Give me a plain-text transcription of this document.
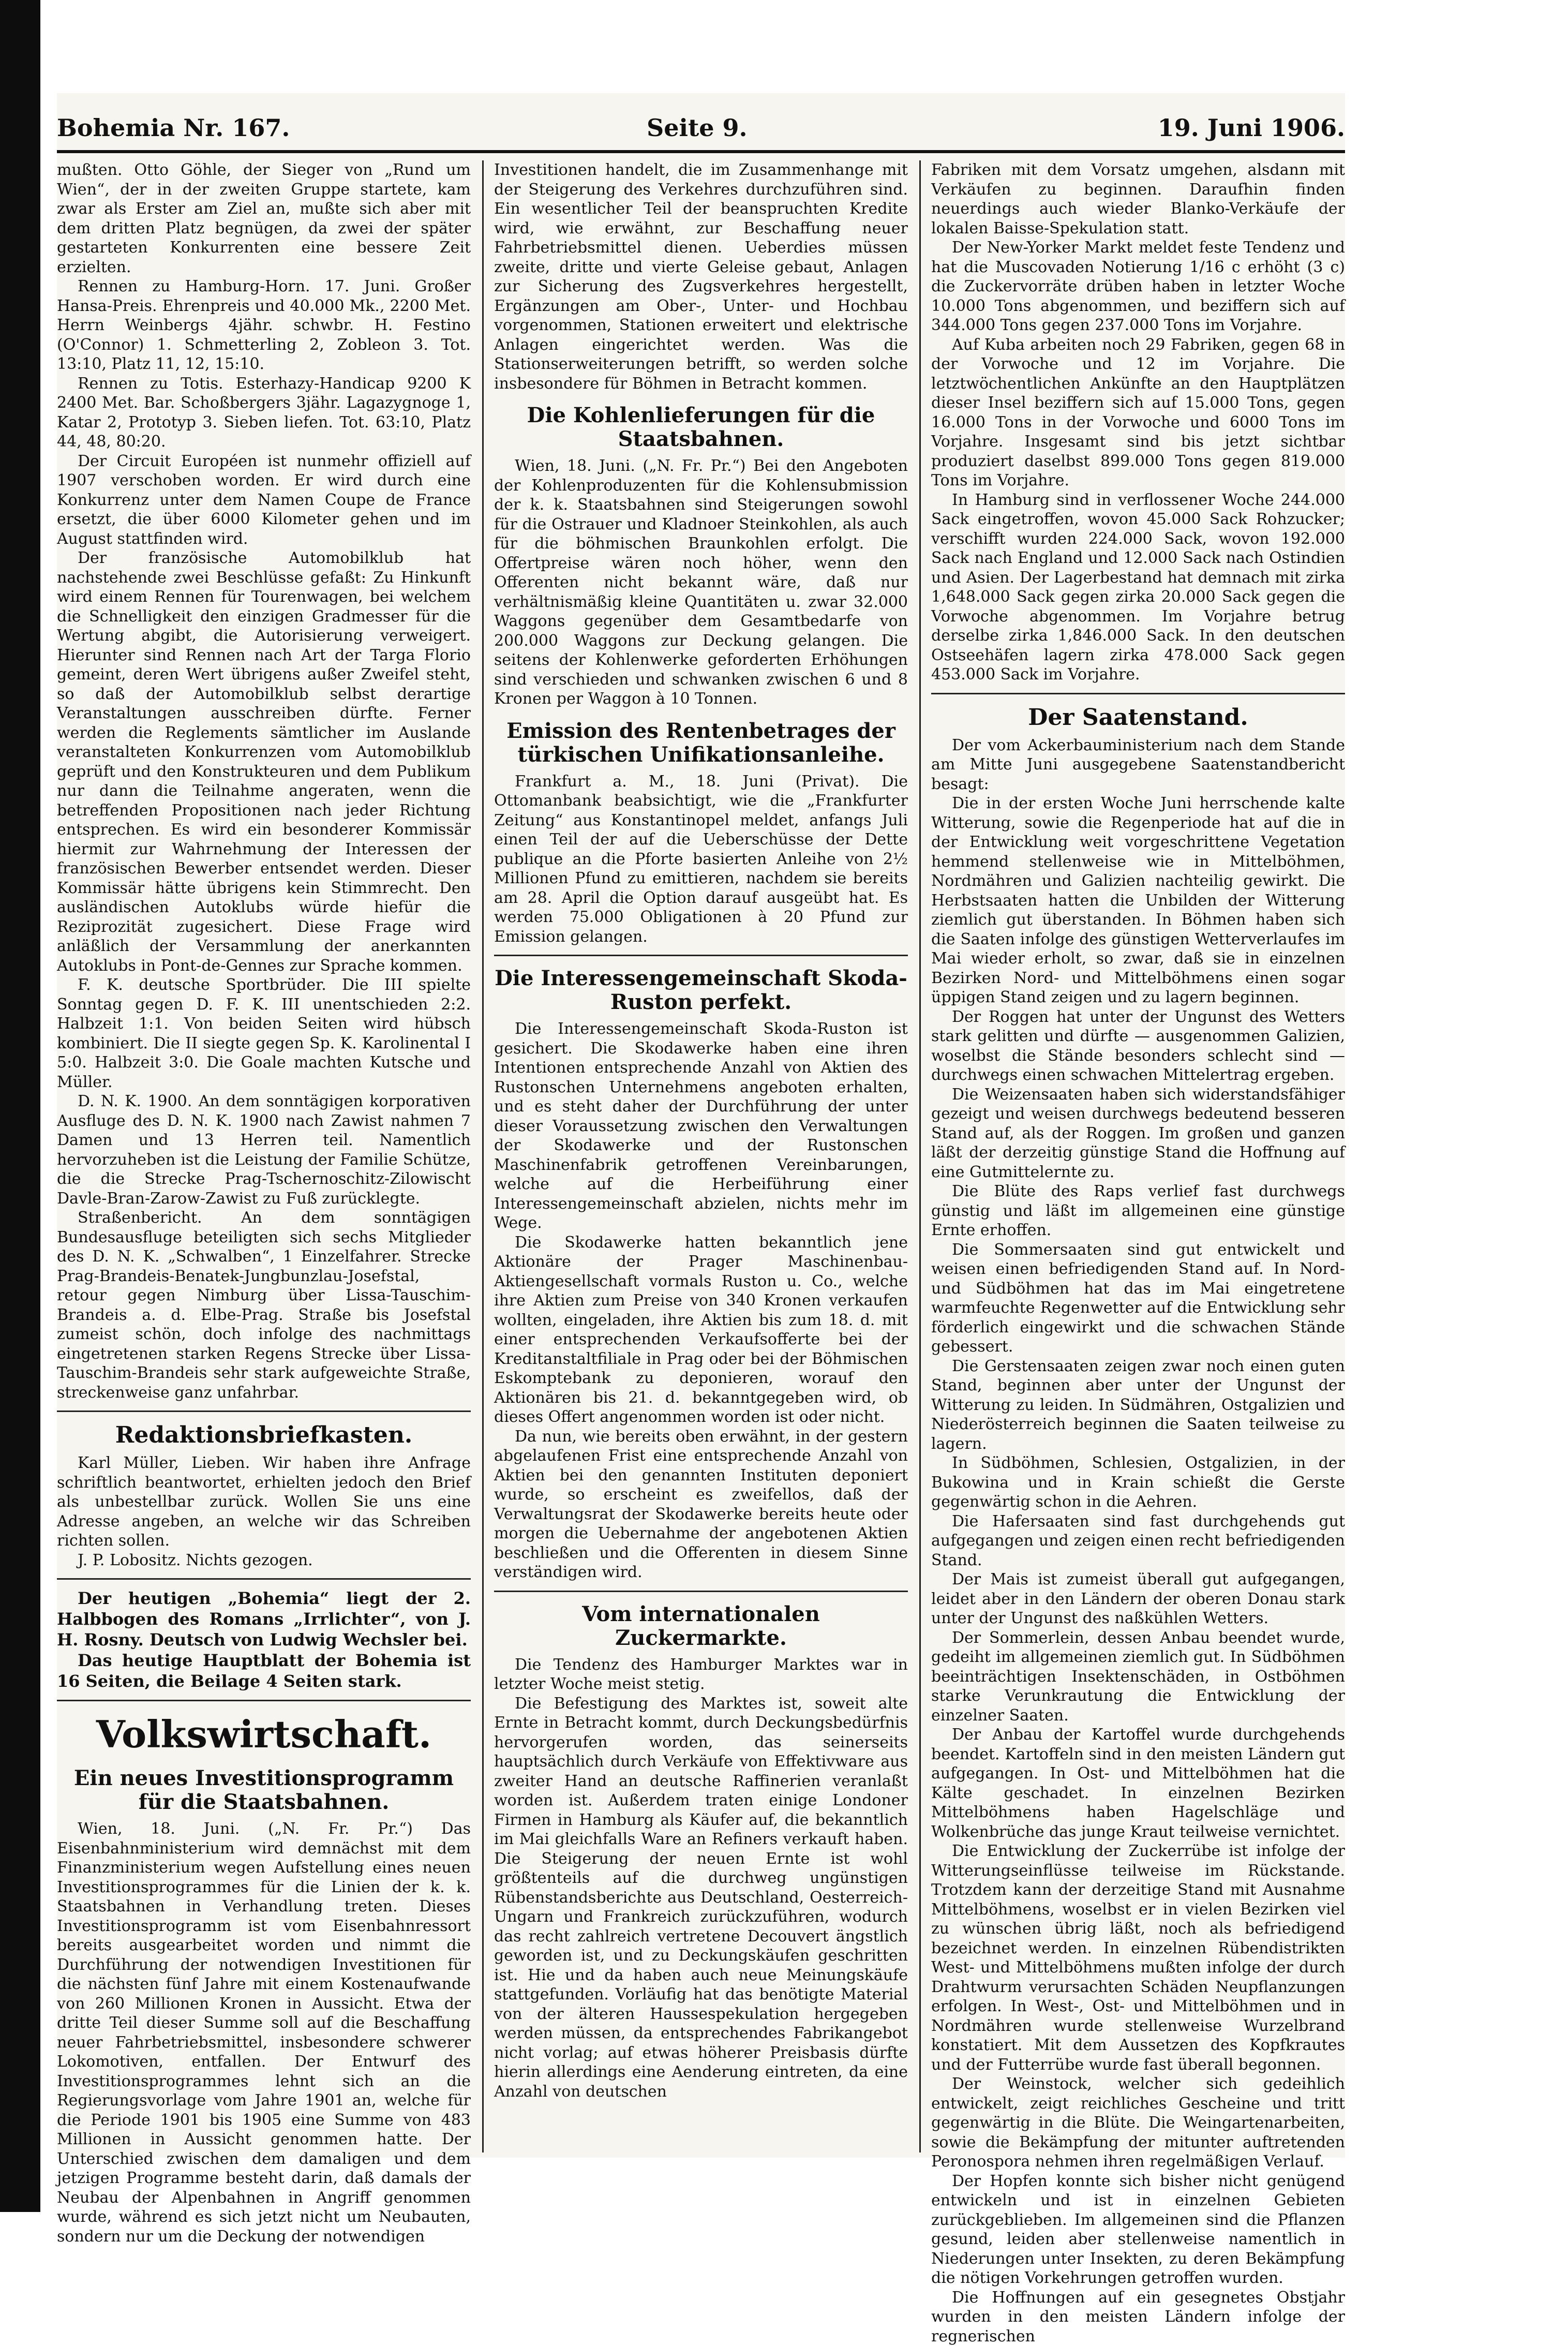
Bohemia Nr. 167.	Seite 9.	19. Juni 1906.

mußten. Otto Göhle, der Sieger von „Rund um Wien“, der in der zweiten Gruppe startete, kam zwar als Erster am Ziel an, mußte sich aber mit dem dritten Platz begnügen, da zwei der später gestarteten Konkurrenten eine bessere Zeit erzielten.

Rennen zu Hamburg-Horn. 17. Juni. Großer Hansa-Preis. Ehrenpreis und 40.000 Mk., 2200 Met. Herrn Weinbergs 4jähr. schwbr. H. Festino (O'Connor) 1. Schmetterling 2, Zobleon 3. Tot. 13:10, Platz 11, 12, 15:10.

Rennen zu Totis. Esterhazy-Handicap 9200 K 2400 Met. Bar. Schoßbergers 3jähr. Lagazygnoge 1, Katar 2, Prototyp 3. Sieben liefen. Tot. 63:10, Platz 44, 48, 80:20.

Der Circuit Européen ist nunmehr offiziell auf 1907 verschoben worden. Er wird durch eine Konkurrenz unter dem Namen Coupe de France ersetzt, die über 6000 Kilometer gehen und im August stattfinden wird.

Der französische Automobilklub hat nachstehende zwei Beschlüsse gefaßt: Zu Hinkunft wird einem Rennen für Tourenwagen, bei welchem die Schnelligkeit den einzigen Gradmesser für die Wertung abgibt, die Autorisierung verweigert. Hierunter sind Rennen nach Art der Targa Florio gemeint, deren Wert übrigens außer Zweifel steht, so daß der Automobilklub selbst derartige Veranstaltungen ausschreiben dürfte. Ferner werden die Reglements sämtlicher im Auslande veranstalteten Konkurrenzen vom Automobilklub geprüft und den Konstrukteuren und dem Publikum nur dann die Teilnahme angeraten, wenn die betreffenden Propositionen nach jeder Richtung entsprechen. Es wird ein besonderer Kommissär hiermit zur Wahrnehmung der Interessen der französischen Bewerber entsendet werden. Dieser Kommissär hätte übrigens kein Stimmrecht. Den ausländischen Autoklubs würde hiefür die Reziprozität zugesichert. Diese Frage wird anläßlich der Versammlung der anerkannten Autoklubs in Pont-de-Gennes zur Sprache kommen.

F. K. deutsche Sportbrüder. Die III spielte Sonntag gegen D. F. K. III unentschieden 2:2. Halbzeit 1:1. Von beiden Seiten wird hübsch kombiniert. Die II siegte gegen Sp. K. Karolinental I 5:0. Halbzeit 3:0. Die Goale machten Kutsche und Müller.

D. N. K. 1900. An dem sonntägigen korporativen Ausfluge des D. N. K. 1900 nach Zawist nahmen 7 Damen und 13 Herren teil. Namentlich hervorzuheben ist die Leistung der Familie Schütze, die die Strecke Prag-Tschernoschitz-Zilowischt Davle-Bran-Zarow-Zawist zu Fuß zurücklegte.

Straßenbericht. An dem sonntägigen Bundesausfluge beteiligten sich sechs Mitglieder des D. N. K. „Schwalben“, 1 Einzelfahrer. Strecke Prag-Brandeis-Benatek-Jungbunzlau-Josefstal, retour gegen Nimburg über Lissa-Tauschim-Brandeis a. d. Elbe-Prag. Straße bis Josefstal zumeist schön, doch infolge des nachmittags eingetretenen starken Regens Strecke über Lissa-Tauschim-Brandeis sehr stark aufgeweichte Straße, streckenweise ganz unfahrbar.

Redaktionsbriefkasten.

Karl Müller, Lieben. Wir haben ihre Anfrage schriftlich beantwortet, erhielten jedoch den Brief als unbestellbar zurück. Wollen Sie uns eine Adresse angeben, an welche wir das Schreiben richten sollen.

J. P. Lobositz. Nichts gezogen.

Der heutigen „Bohemia“ liegt der 2. Halbbogen des Romans „Irrlichter“, von J. H. Rosny. Deutsch von Ludwig Wechsler bei.

Das heutige Hauptblatt der Bohemia ist 16 Seiten, die Beilage 4 Seiten stark.

Volkswirtschaft.
Ein neues Investitionsprogramm für die Staatsbahnen.

Wien, 18. Juni. („N. Fr. Pr.“) Das Eisenbahnministerium wird demnächst mit dem Finanzministerium wegen Aufstellung eines neuen Investitionsprogrammes für die Linien der k. k. Staatsbahnen in Verhandlung treten. Dieses Investitionsprogramm ist vom Eisenbahnressort bereits ausgearbeitet worden und nimmt die Durchführung der notwendigen Investitionen für die nächsten fünf Jahre mit einem Kostenaufwande von 260 Millionen Kronen in Aussicht. Etwa der dritte Teil dieser Summe soll auf die Beschaffung neuer Fahrbetriebsmittel, insbesondere schwerer Lokomotiven, entfallen. Der Entwurf des Investitionsprogrammes lehnt sich an die Regierungsvorlage vom Jahre 1901 an, welche für die Periode 1901 bis 1905 eine Summe von 483 Millionen in Aussicht genommen hatte. Der Unterschied zwischen dem damaligen und dem jetzigen Programme besteht darin, daß damals der Neubau der Alpenbahnen in Angriff genommen wurde, während es sich jetzt nicht um Neubauten, sondern nur um die Deckung der notwendigen

Investitionen handelt, die im Zusammenhange mit der Steigerung des Verkehres durchzuführen sind. Ein wesentlicher Teil der beanspruchten Kredite wird, wie erwähnt, zur Beschaffung neuer Fahrbetriebsmittel dienen. Ueberdies müssen zweite, dritte und vierte Geleise gebaut, Anlagen zur Sicherung des Zugsverkehres hergestellt, Ergänzungen am Ober-, Unter- und Hochbau vorgenommen, Stationen erweitert und elektrische Anlagen eingerichtet werden. Was die Stationserweiterungen betrifft, so werden solche insbesondere für Böhmen in Betracht kommen.

Die Kohlenlieferungen für die Staatsbahnen.

Wien, 18. Juni. („N. Fr. Pr.“) Bei den Angeboten der Kohlenproduzenten für die Kohlensubmission der k. k. Staatsbahnen sind Steigerungen sowohl für die Ostrauer und Kladnoer Steinkohlen, als auch für die böhmischen Braunkohlen erfolgt. Die Offertpreise wären noch höher, wenn den Offerenten nicht bekannt wäre, daß nur verhältnismäßig kleine Quantitäten u. zwar 32.000 Waggons gegenüber dem Gesamtbedarfe von 200.000 Waggons zur Deckung gelangen. Die seitens der Kohlenwerke geforderten Erhöhungen sind verschieden und schwanken zwischen 6 und 8 Kronen per Waggon à 10 Tonnen.

Emission des Rentenbetrages der türkischen Unifikationsanleihe.

Frankfurt a. M., 18. Juni (Privat). Die Ottomanbank beabsichtigt, wie die „Frankfurter Zeitung“ aus Konstantinopel meldet, anfangs Juli einen Teil der auf die Ueberschüsse der Dette publique an die Pforte basierten Anleihe von 2½ Millionen Pfund zu emittieren, nachdem sie bereits am 28. April die Option darauf ausgeübt hat. Es werden 75.000 Obligationen à 20 Pfund zur Emission gelangen.

Die Interessengemeinschaft Skoda-Ruston perfekt.

Die Interessengemeinschaft Skoda-Ruston ist gesichert. Die Skodawerke haben eine ihren Intentionen entsprechende Anzahl von Aktien des Rustonschen Unternehmens angeboten erhalten, und es steht daher der Durchführung der unter dieser Voraussetzung zwischen den Verwaltungen der Skodawerke und der Rustonschen Maschinenfabrik getroffenen Vereinbarungen, welche auf die Herbeiführung einer Interessengemeinschaft abzielen, nichts mehr im Wege.

Die Skodawerke hatten bekanntlich jene Aktionäre der Prager Maschinenbau-Aktiengesellschaft vormals Ruston u. Co., welche ihre Aktien zum Preise von 340 Kronen verkaufen wollten, eingeladen, ihre Aktien bis zum 18. d. mit einer entsprechenden Verkaufsofferte bei der Kreditanstaltfiliale in Prag oder bei der Böhmischen Eskomptebank zu deponieren, worauf den Aktionären bis 21. d. bekanntgegeben wird, ob dieses Offert angenommen worden ist oder nicht.

Da nun, wie bereits oben erwähnt, in der gestern abgelaufenen Frist eine entsprechende Anzahl von Aktien bei den genannten Instituten deponiert wurde, so erscheint es zweifellos, daß der Verwaltungsrat der Skodawerke bereits heute oder morgen die Uebernahme der angebotenen Aktien beschließen und die Offerenten in diesem Sinne verständigen wird.

Vom internationalen Zuckermarkte.

Die Tendenz des Hamburger Marktes war in letzter Woche meist stetig.

Die Befestigung des Marktes ist, soweit alte Ernte in Betracht kommt, durch Deckungsbedürfnis hervorgerufen worden, das seinerseits hauptsächlich durch Verkäufe von Effektivware aus zweiter Hand an deutsche Raffinerien veranlaßt worden ist. Außerdem traten einige Londoner Firmen in Hamburg als Käufer auf, die bekanntlich im Mai gleichfalls Ware an Refiners verkauft haben. Die Steigerung der neuen Ernte ist wohl größtenteils auf die durchweg ungünstigen Rübenstandsberichte aus Deutschland, Oesterreich-Ungarn und Frankreich zurückzuführen, wodurch das recht zahlreich vertretene Decouvert ängstlich geworden ist, und zu Deckungskäufen geschritten ist. Hie und da haben auch neue Meinungskäufe stattgefunden. Vorläufig hat das benötigte Material von der älteren Haussespekulation hergegeben werden müssen, da entsprechendes Fabrikangebot nicht vorlag; auf etwas höherer Preisbasis dürfte hierin allerdings eine Aenderung eintreten, da eine Anzahl von deutschen

Fabriken mit dem Vorsatz umgehen, alsdann mit Verkäufen zu beginnen. Daraufhin finden neuerdings auch wieder Blanko-Verkäufe der lokalen Baisse-Spekulation statt.

Der New-Yorker Markt meldet feste Tendenz und hat die Muscovaden Notierung 1/16 c erhöht (3 c) die Zuckervorräte drüben haben in letzter Woche 10.000 Tons abgenommen, und beziffern sich auf 344.000 Tons gegen 237.000 Tons im Vorjahre.

Auf Kuba arbeiten noch 29 Fabriken, gegen 68 in der Vorwoche und 12 im Vorjahre. Die letztwöchentlichen Ankünfte an den Hauptplätzen dieser Insel beziffern sich auf 15.000 Tons, gegen 16.000 Tons in der Vorwoche und 6000 Tons im Vorjahre. Insgesamt sind bis jetzt sichtbar produziert daselbst 899.000 Tons gegen 819.000 Tons im Vorjahre.

In Hamburg sind in verflossener Woche 244.000 Sack eingetroffen, wovon 45.000 Sack Rohzucker; verschifft wurden 224.000 Sack, wovon 192.000 Sack nach England und 12.000 Sack nach Ostindien und Asien. Der Lagerbestand hat demnach mit zirka 1,648.000 Sack gegen zirka 20.000 Sack gegen die Vorwoche abgenommen. Im Vorjahre betrug derselbe zirka 1,846.000 Sack. In den deutschen Ostseehäfen lagern zirka 478.000 Sack gegen 453.000 Sack im Vorjahre.

Der Saatenstand.

Der vom Ackerbauministerium nach dem Stande am Mitte Juni ausgegebene Saatenstandbericht besagt:

Die in der ersten Woche Juni herrschende kalte Witterung, sowie die Regenperiode hat auf die in der Entwicklung weit vorgeschrittene Vegetation hemmend stellenweise wie in Mittelböhmen, Nordmähren und Galizien nachteilig gewirkt. Die Herbstsaaten hatten die Unbilden der Witterung ziemlich gut überstanden. In Böhmen haben sich die Saaten infolge des günstigen Wetterverlaufes im Mai wieder erholt, so zwar, daß sie in einzelnen Bezirken Nord- und Mittelböhmens einen sogar üppigen Stand zeigen und zu lagern beginnen.

Der Roggen hat unter der Ungunst des Wetters stark gelitten und dürfte — ausgenommen Galizien, woselbst die Stände besonders schlecht sind — durchwegs einen schwachen Mittelertrag ergeben.

Die Weizensaaten haben sich widerstandsfähiger gezeigt und weisen durchwegs bedeutend besseren Stand auf, als der Roggen. Im großen und ganzen läßt der derzeitig günstige Stand die Hoffnung auf eine Gutmittelernte zu.

Die Blüte des Raps verlief fast durchwegs günstig und läßt im allgemeinen eine günstige Ernte erhoffen.

Die Sommersaaten sind gut entwickelt und weisen einen befriedigenden Stand auf. In Nord- und Südböhmen hat das im Mai eingetretene warmfeuchte Regenwetter auf die Entwicklung sehr förderlich eingewirkt und die schwachen Stände gebessert.

Die Gerstensaaten zeigen zwar noch einen guten Stand, beginnen aber unter der Ungunst der Witterung zu leiden. In Südmähren, Ostgalizien und Niederösterreich beginnen die Saaten teilweise zu lagern.

In Südböhmen, Schlesien, Ostgalizien, in der Bukowina und in Krain schießt die Gerste gegenwärtig schon in die Aehren.

Die Hafersaaten sind fast durchgehends gut aufgegangen und zeigen einen recht befriedigenden Stand.

Der Mais ist zumeist überall gut aufgegangen, leidet aber in den Ländern der oberen Donau stark unter der Ungunst des naßkühlen Wetters.

Der Sommerlein, dessen Anbau beendet wurde, gedeiht im allgemeinen ziemlich gut. In Südböhmen beeinträchtigen Insektenschäden, in Ostböhmen starke Verunkrautung die Entwicklung der einzelner Saaten.

Der Anbau der Kartoffel wurde durchgehends beendet. Kartoffeln sind in den meisten Ländern gut aufgegangen. In Ost- und Mittelböhmen hat die Kälte geschadet. In einzelnen Bezirken Mittelböhmens haben Hagelschläge und Wolkenbrüche das junge Kraut teilweise vernichtet.

Die Entwicklung der Zuckerrübe ist infolge der Witterungseinflüsse teilweise im Rückstande. Trotzdem kann der derzeitige Stand mit Ausnahme Mittelböhmens, woselbst er in vielen Bezirken viel zu wünschen übrig läßt, noch als befriedigend bezeichnet werden. In einzelnen Rübendistrikten West- und Mittelböhmens mußten infolge der durch Drahtwurm verursachten Schäden Neupflanzungen erfolgen. In West-, Ost- und Mittelböhmen und in Nordmähren wurde stellenweise Wurzelbrand konstatiert. Mit dem Aussetzen des Kopfkrautes und der Futterrübe wurde fast überall begonnen.

Der Weinstock, welcher sich gedeihlich entwickelt, zeigt reichliches Gescheine und tritt gegenwärtig in die Blüte. Die Weingartenarbeiten, sowie die Bekämpfung der mitunter auftretenden Peronospora nehmen ihren regelmäßigen Verlauf.

Der Hopfen konnte sich bisher nicht genügend entwickeln und ist in einzelnen Gebieten zurückgeblieben. Im allgemeinen sind die Pflanzen gesund, leiden aber stellenweise namentlich in Niederungen unter Insekten, zu deren Bekämpfung die nötigen Vorkehrungen getroffen wurden.

Die Hoffnungen auf ein gesegnetes Obstjahr wurden in den meisten Ländern infolge der regnerischen
